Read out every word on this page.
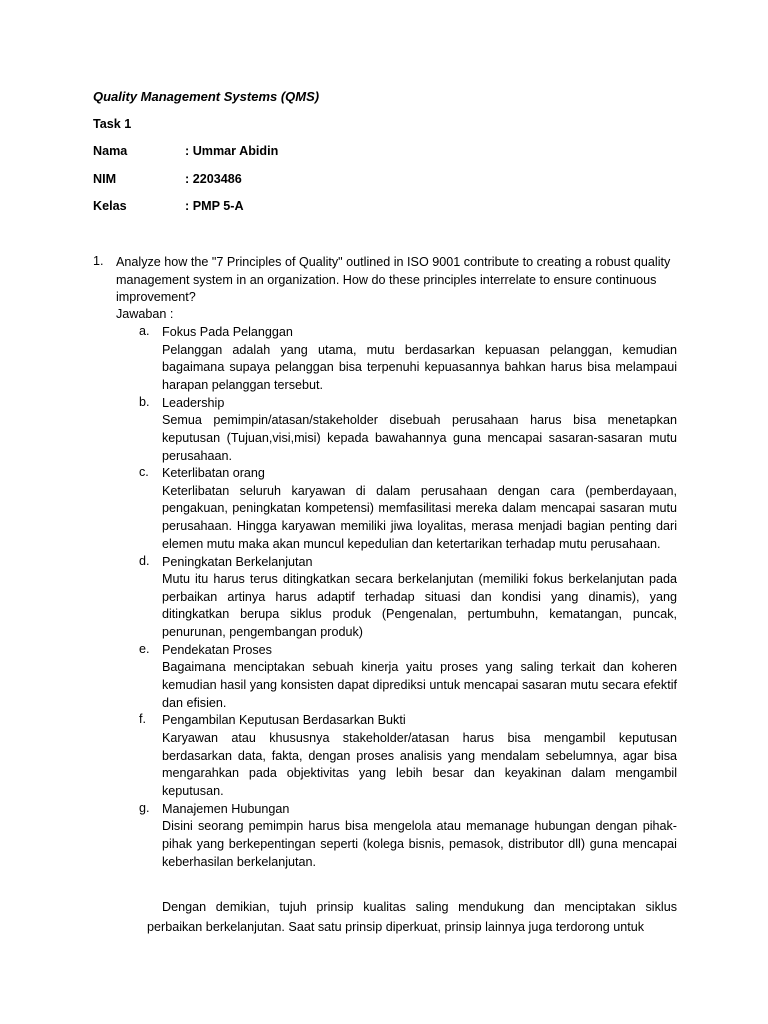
Quality Management Systems (QMS)
Task 1
Nama	: Ummar Abidin
NIM	: 2203486
Kelas	: PMP 5-A
1. Analyze how the "7 Principles of Quality" outlined in ISO 9001 contribute to creating a robust quality management system in an organization. How do these principles interrelate to ensure continuous improvement?
Jawaban :
a. Fokus Pada Pelanggan
Pelanggan adalah yang utama, mutu berdasarkan kepuasan pelanggan, kemudian bagaimana supaya pelanggan bisa terpenuhi kepuasannya bahkan harus bisa melampaui harapan pelanggan tersebut.
b. Leadership
Semua pemimpin/atasan/stakeholder disebuah perusahaan harus bisa menetapkan keputusan (Tujuan,visi,misi) kepada bawahannya guna mencapai sasaran-sasaran mutu perusahaan.
c.	Keterlibatan orang
Keterlibatan seluruh karyawan di dalam perusahaan dengan cara (pemberdayaan, pengakuan, peningkatan kompetensi) memfasilitasi mereka dalam mencapai sasaran mutu perusahaan. Hingga karyawan memiliki jiwa loyalitas, merasa menjadi bagian penting dari elemen mutu maka akan muncul kepedulian dan ketertarikan terhadap mutu perusahaan.
d. Peningkatan Berkelanjutan
Mutu itu harus terus ditingkatkan secara berkelanjutan (memiliki fokus berkelanjutan pada perbaikan artinya harus adaptif terhadap situasi dan kondisi yang dinamis), yang ditingkatkan berupa siklus produk (Pengenalan, pertumbuhn, kematangan, puncak, penurunan, pengembangan produk)
e. Pendekatan Proses
Bagaimana menciptakan sebuah kinerja yaitu proses yang saling terkait dan koheren kemudian hasil yang konsisten dapat diprediksi untuk mencapai sasaran mutu secara efektif dan efisien.
f.	Pengambilan Keputusan Berdasarkan Bukti
Karyawan atau khususnya stakeholder/atasan harus bisa mengambil keputusan berdasarkan data, fakta, dengan proses analisis yang mendalam sebelumnya, agar bisa mengarahkan pada objektivitas yang lebih besar dan keyakinan dalam mengambil keputusan.
g. Manajemen Hubungan
Disini seorang pemimpin harus bisa mengelola atau memanage hubungan dengan pihak-pihak yang berkepentingan seperti (kolega bisnis, pemasok, distributor dll) guna mencapai keberhasilan berkelanjutan.
Dengan demikian, tujuh prinsip kualitas saling mendukung dan menciptakan siklus perbaikan berkelanjutan. Saat satu prinsip diperkuat, prinsip lainnya juga terdorong untuk
